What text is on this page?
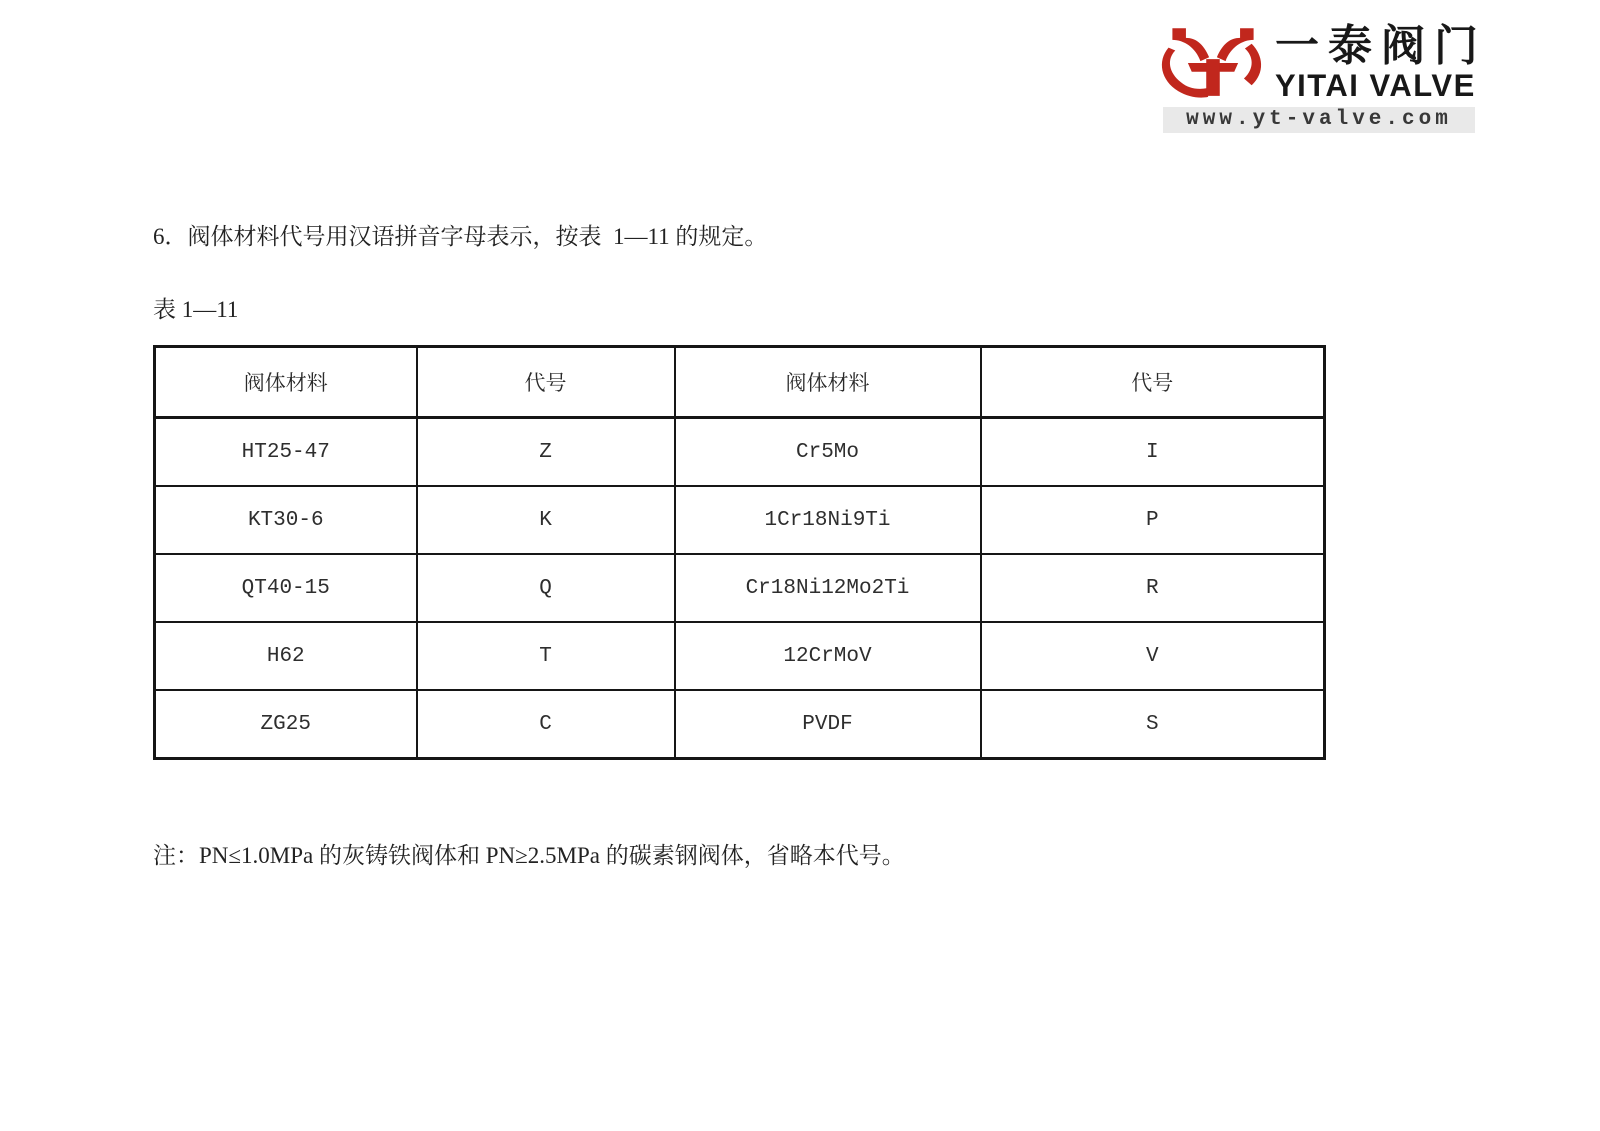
一泰阀门
YITAI VALVE
www.yt-valve.com
6．阀体材料代号用汉语拼音字母表示，按表  1—11 的规定。
表 1—11
阀体材料	代号	阀体材料	代号
HT25-47	Z	Cr5Mo	I
KT30-6	K	1Cr18Ni9Ti	P
QT40-15	Q	Cr18Ni12Mo2Ti	R
H62	T	12CrMoV	V
ZG25	C	PVDF	S
注：PN≤1.0MPa 的灰铸铁阀体和 PN≥2.5MPa 的碳素钢阀体，省略本代号。
